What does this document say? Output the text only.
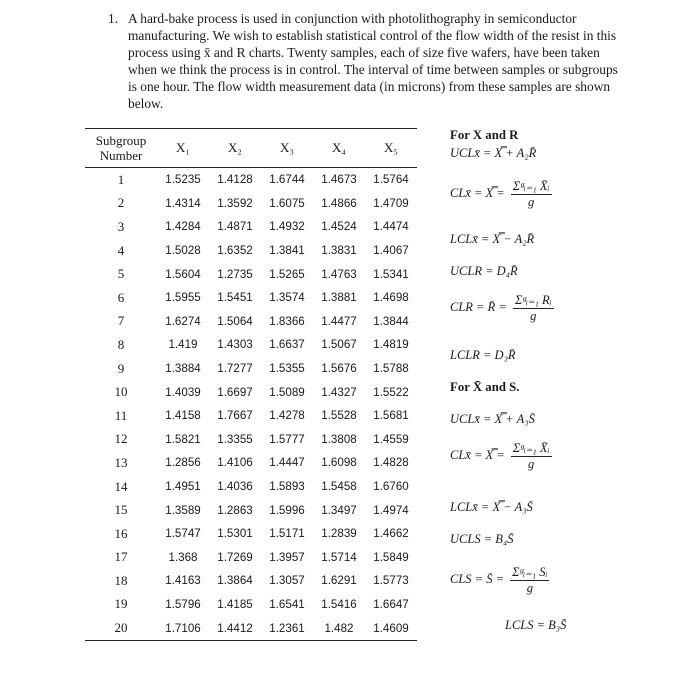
1. A hard-bake process is used in conjunction with photolithography in semiconductor manufacturing. We wish to establish statistical control of the flow width of the resist in this process using x̄ and R charts. Twenty samples, each of size five wafers, have been taken when we think the process is in control. The interval of time between samples or subgroups is one hour. The flow width measurement data (in microns) from these samples are shown below.
Subgroup
Number	X₁	X₂	X₃	X₄	X₅
1	1.5235	1.4128	1.6744	1.4673	1.5764
2	1.4314	1.3592	1.6075	1.4866	1.4709
3	1.4284	1.4871	1.4932	1.4524	1.4474
4	1.5028	1.6352	1.3841	1.3831	1.4067
5	1.5604	1.2735	1.5265	1.4763	1.5341
6	1.5955	1.5451	1.3574	1.3881	1.4698
7	1.6274	1.5064	1.8366	1.4477	1.3844
8	1.419	1.4303	1.6637	1.5067	1.4819
9	1.3884	1.7277	1.5355	1.5676	1.5788
10	1.4039	1.6697	1.5089	1.4327	1.5522
11	1.4158	1.7667	1.4278	1.5528	1.5681
12	1.5821	1.3355	1.5777	1.3808	1.4559
13	1.2856	1.4106	1.4447	1.6098	1.4828
14	1.4951	1.4036	1.5893	1.5458	1.6760
15	1.3589	1.2863	1.5996	1.3497	1.4974
16	1.5747	1.5301	1.5171	1.2839	1.4662
17	1.368	1.7269	1.3957	1.5714	1.5849
18	1.4163	1.3864	1.3057	1.6291	1.5773
19	1.5796	1.4185	1.6541	1.5416	1.6647
20	1.7106	1.4412	1.2361	1.482	1.4609
For X and R
UCLx̄ = X̿ + A₂R̄
CLx̄ = X̿ = $\frac{\text{Σᵍᵢ₌₁ X̄ᵢ}}{g}$
LCLx̄ = X̿ − A₂R̄
UCLR = D₄R̄
CLR = R̄ = $\frac{\text{Σᵍᵢ₌₁ Rᵢ}}{g}$
LCLR = D₃R̄
For X̄ and S.
UCLx̄ = X̿ + A₃S̄
CLx̄ = X̿ = $\frac{\text{Σᵍᵢ₌₁ X̄ᵢ}}{g}$
LCLx̄ = X̿ − A₃S̄
UCLS = B₄S̄
CLS = S̄ = $\frac{\text{Σᵍᵢ₌₁ Sᵢ}}{g}$
LCLS = B₃S̄
